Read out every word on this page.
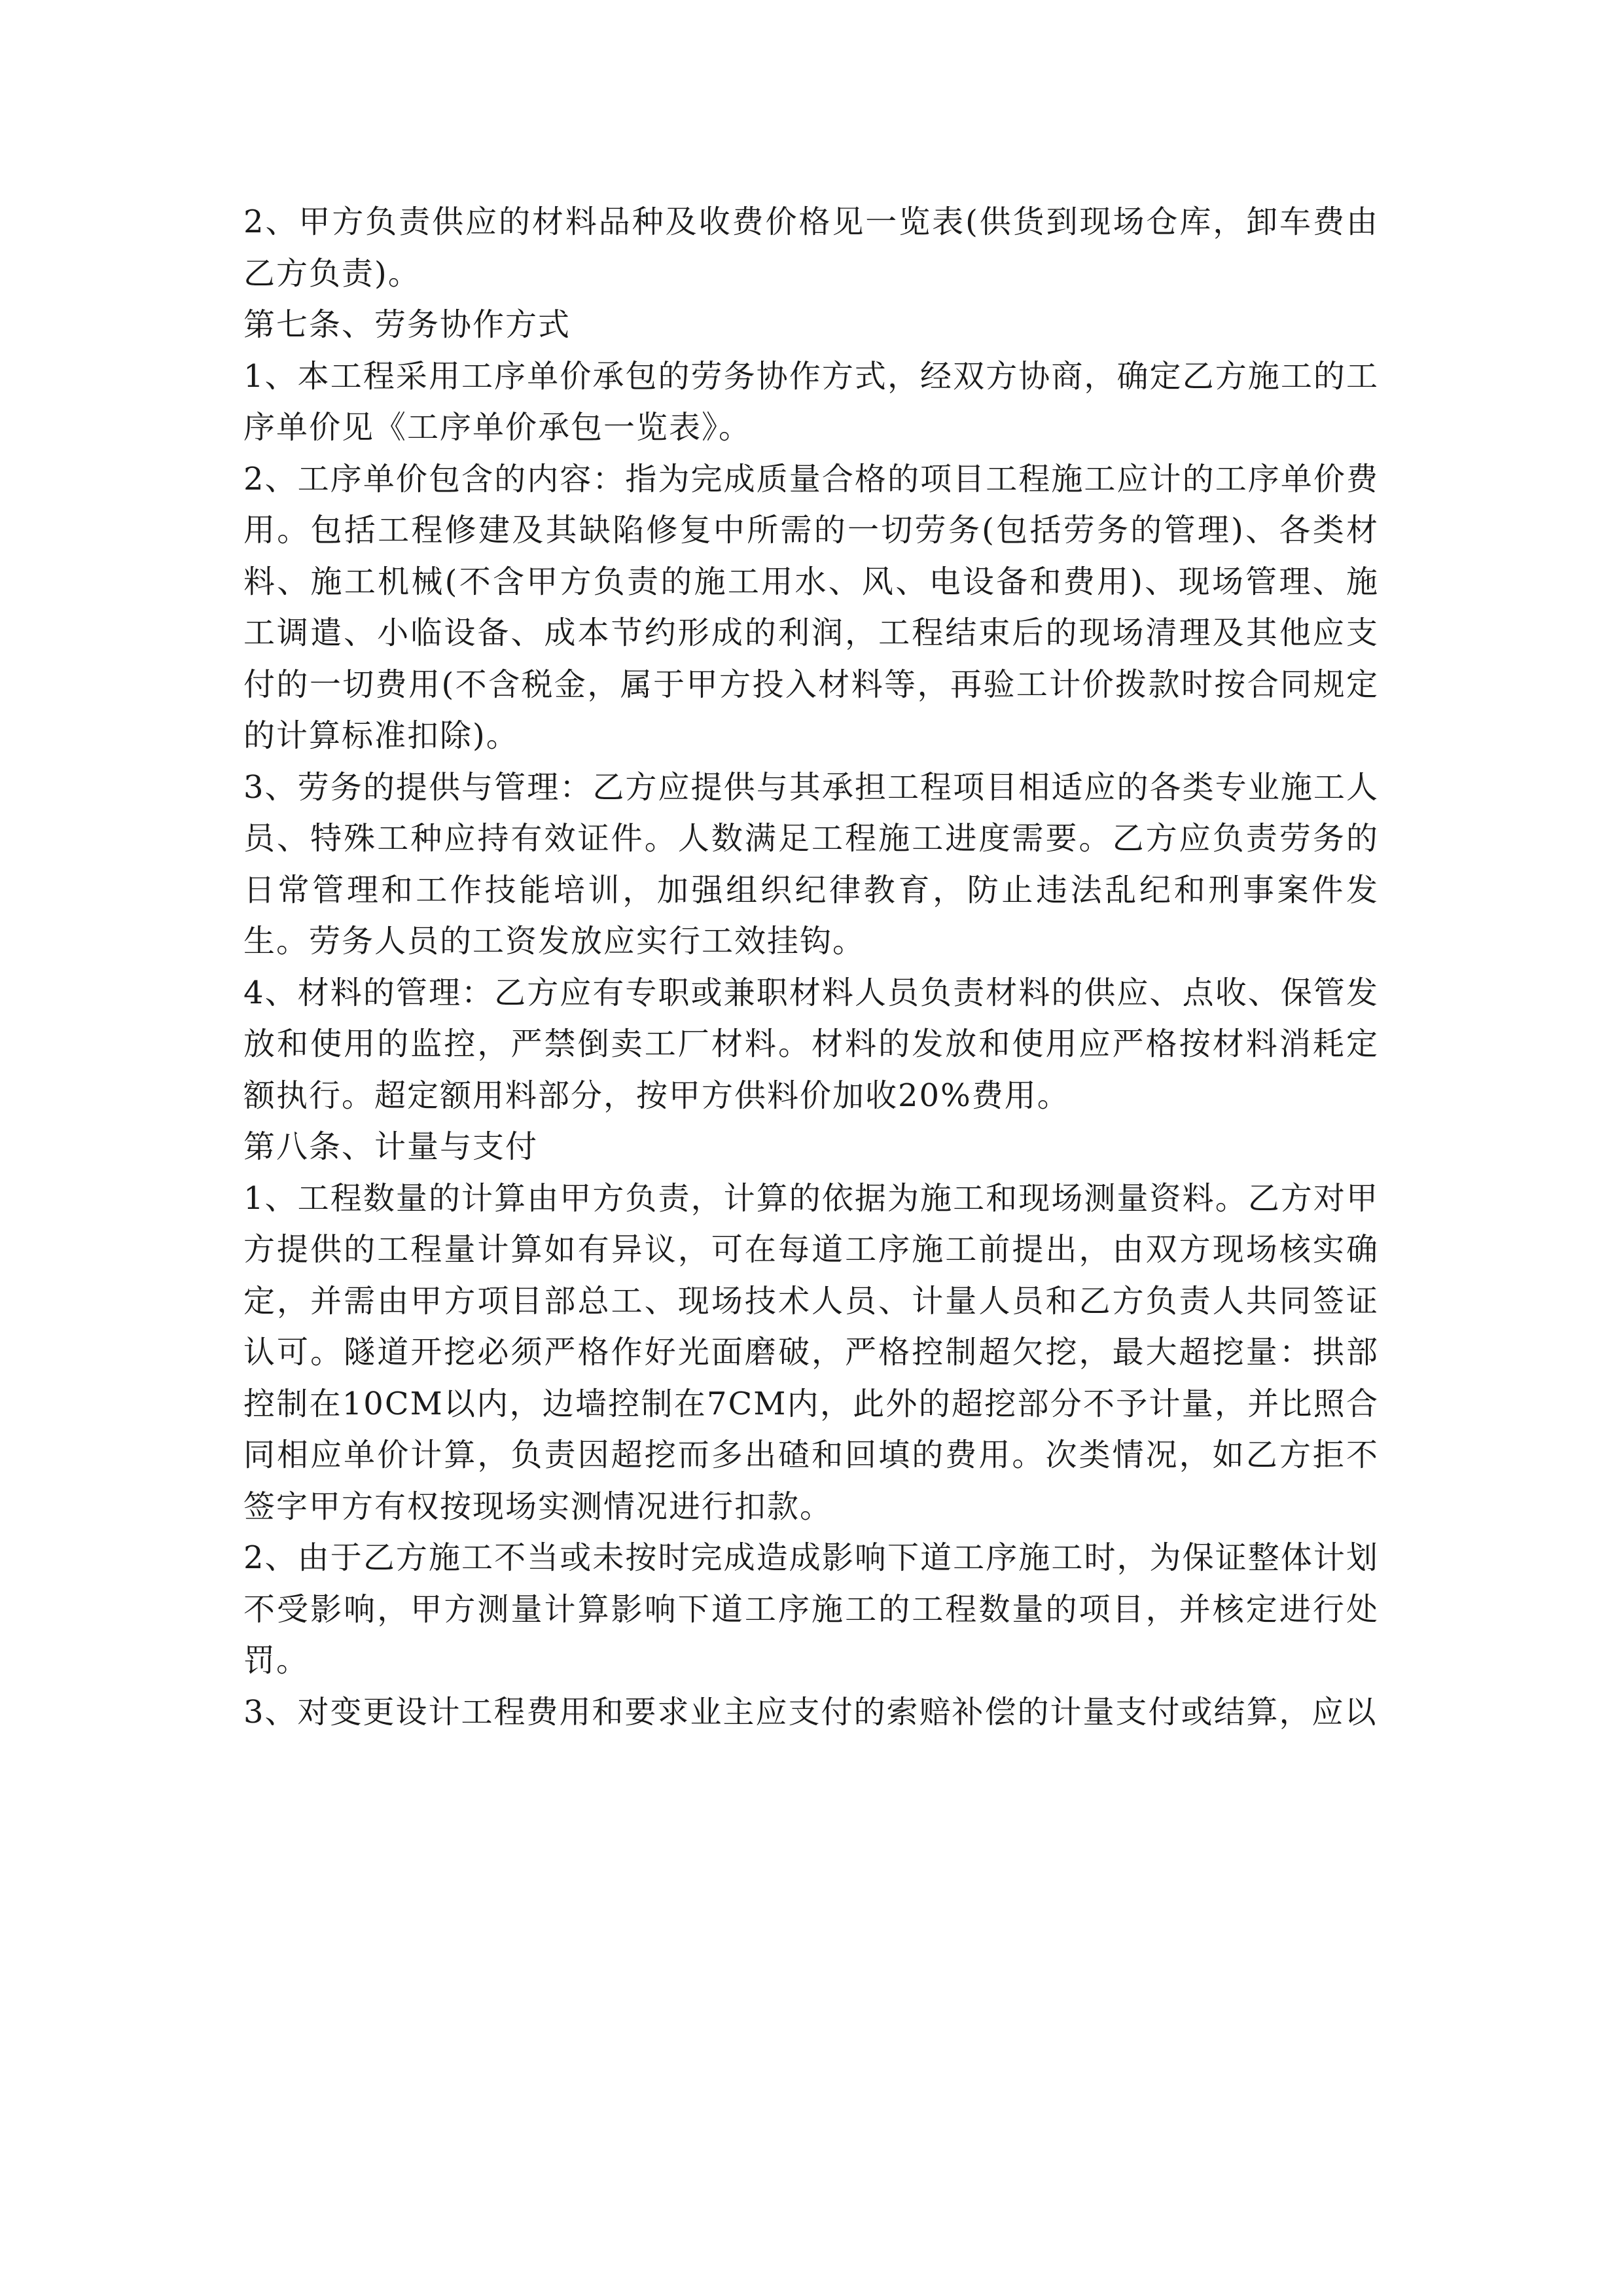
2、甲方负责供应的材料品种及收费价格见一览表(供货到现场仓库，卸车费由乙方负责)。

第七条、劳务协作方式

1、本工程采用工序单价承包的劳务协作方式，经双方协商，确定乙方施工的工序单价见《工序单价承包一览表》。

2、工序单价包含的内容：指为完成质量合格的项目工程施工应计的工序单价费用。包括工程修建及其缺陷修复中所需的一切劳务(包括劳务的管理)、各类材料、施工机械(不含甲方负责的施工用水、风、电设备和费用)、现场管理、施工调遣、小临设备、成本节约形成的利润，工程结束后的现场清理及其他应支付的一切费用(不含税金，属于甲方投入材料等，再验工计价拨款时按合同规定的计算标准扣除)。

3、劳务的提供与管理：乙方应提供与其承担工程项目相适应的各类专业施工人员、特殊工种应持有效证件。人数满足工程施工进度需要。乙方应负责劳务的日常管理和工作技能培训，加强组织纪律教育，防止违法乱纪和刑事案件发生。劳务人员的工资发放应实行工效挂钩。

4、材料的管理：乙方应有专职或兼职材料人员负责材料的供应、点收、保管发放和使用的监控，严禁倒卖工厂材料。材料的发放和使用应严格按材料消耗定额执行。超定额用料部分，按甲方供料价加收20%费用。

第八条、计量与支付

1、工程数量的计算由甲方负责，计算的依据为施工和现场测量资料。乙方对甲方提供的工程量计算如有异议，可在每道工序施工前提出，由双方现场核实确定，并需由甲方项目部总工、现场技术人员、计量人员和乙方负责人共同签证认可。隧道开挖必须严格作好光面磨破，严格控制超欠挖，最大超挖量：拱部控制在10CM以内，边墙控制在7CM内，此外的超挖部分不予计量，并比照合同相应单价计算，负责因超挖而多出碴和回填的费用。次类情况，如乙方拒不签字甲方有权按现场实测情况进行扣款。

2、由于乙方施工不当或未按时完成造成影响下道工序施工时，为保证整体计划不受影响，甲方测量计算影响下道工序施工的工程数量的项目，并核定进行处罚。

3、对变更设计工程费用和要求业主应支付的索赔补偿的计量支付或结算，应以
